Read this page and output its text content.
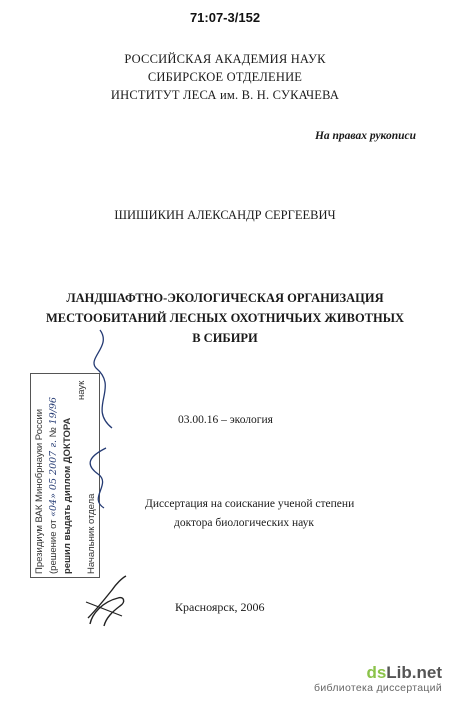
71:07-3/152
РОССИЙСКАЯ АКАДЕМИЯ НАУК
СИБИРСКОЕ ОТДЕЛЕНИЕ
ИНСТИТУТ ЛЕСА им. В. Н. СУКАЧЕВА
На правах рукописи
ШИШИКИН АЛЕКСАНДР СЕРГЕЕВИЧ
ЛАНДШАФТНО-ЭКОЛОГИЧЕСКАЯ ОРГАНИЗАЦИЯ
МЕСТООБИТАНИЙ ЛЕСНЫХ ОХОТНИЧЬИХ ЖИВОТНЫХ
В СИБИРИ
03.00.16 – экология
Диссертация на соискание ученой степени
доктора биологических наук
Красноярск, 2006
Президиум ВАК Минобрнауки России (решение от «04» 05 2007 г. № 19/96
решил выдать диплом ДОКТОРА
наук
Начальник отдела
dsLib.net
библиотека диссертаций
